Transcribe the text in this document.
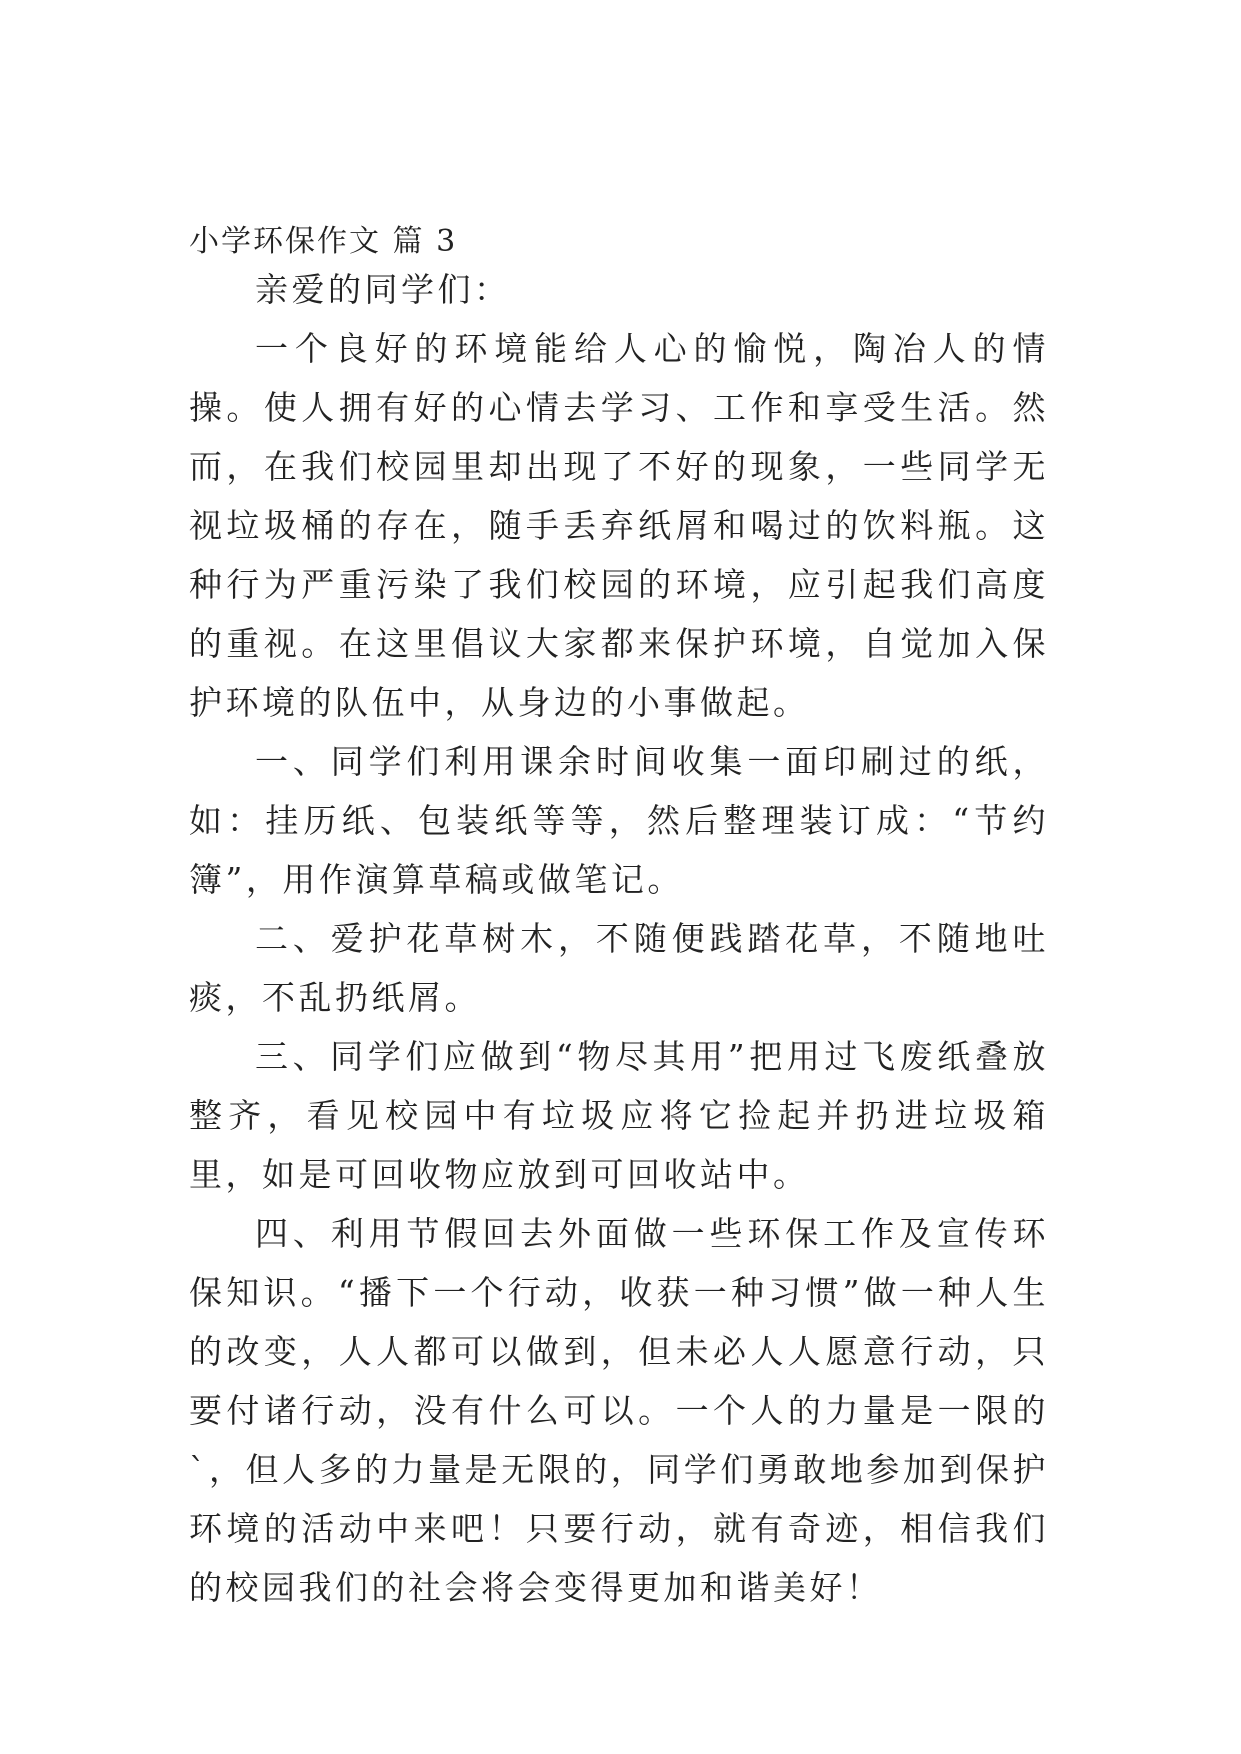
小学环保作文 篇 3

亲爱的同学们：

一个良好的环境能给人心的愉悦，陶冶人的情操。使人拥有好的心情去学习、工作和享受生活。然而，在我们校园里却出现了不好的现象，一些同学无视垃圾桶的存在，随手丢弃纸屑和喝过的饮料瓶。这种行为严重污染了我们校园的环境，应引起我们高度的重视。在这里倡议大家都来保护环境，自觉加入保护环境的队伍中，从身边的小事做起。

一、同学们利用课余时间收集一面印刷过的纸，如：挂历纸、包装纸等等，然后整理装订成：“节约簿”，用作演算草稿或做笔记。

二、爱护花草树木，不随便践踏花草，不随地吐痰，不乱扔纸屑。

三、同学们应做到“物尽其用”把用过飞废纸叠放整齐，看见校园中有垃圾应将它捡起并扔进垃圾箱里，如是可回收物应放到可回收站中。

四、利用节假回去外面做一些环保工作及宣传环保知识。“播下一个行动，收获一种习惯”做一种人生的改变，人人都可以做到，但未必人人愿意行动，只要付诸行动，没有什么可以。一个人的力量是一限的`，但人多的力量是无限的，同学们勇敢地参加到保护环境的活动中来吧！只要行动，就有奇迹，相信我们的校园我们的社会将会变得更加和谐美好！
